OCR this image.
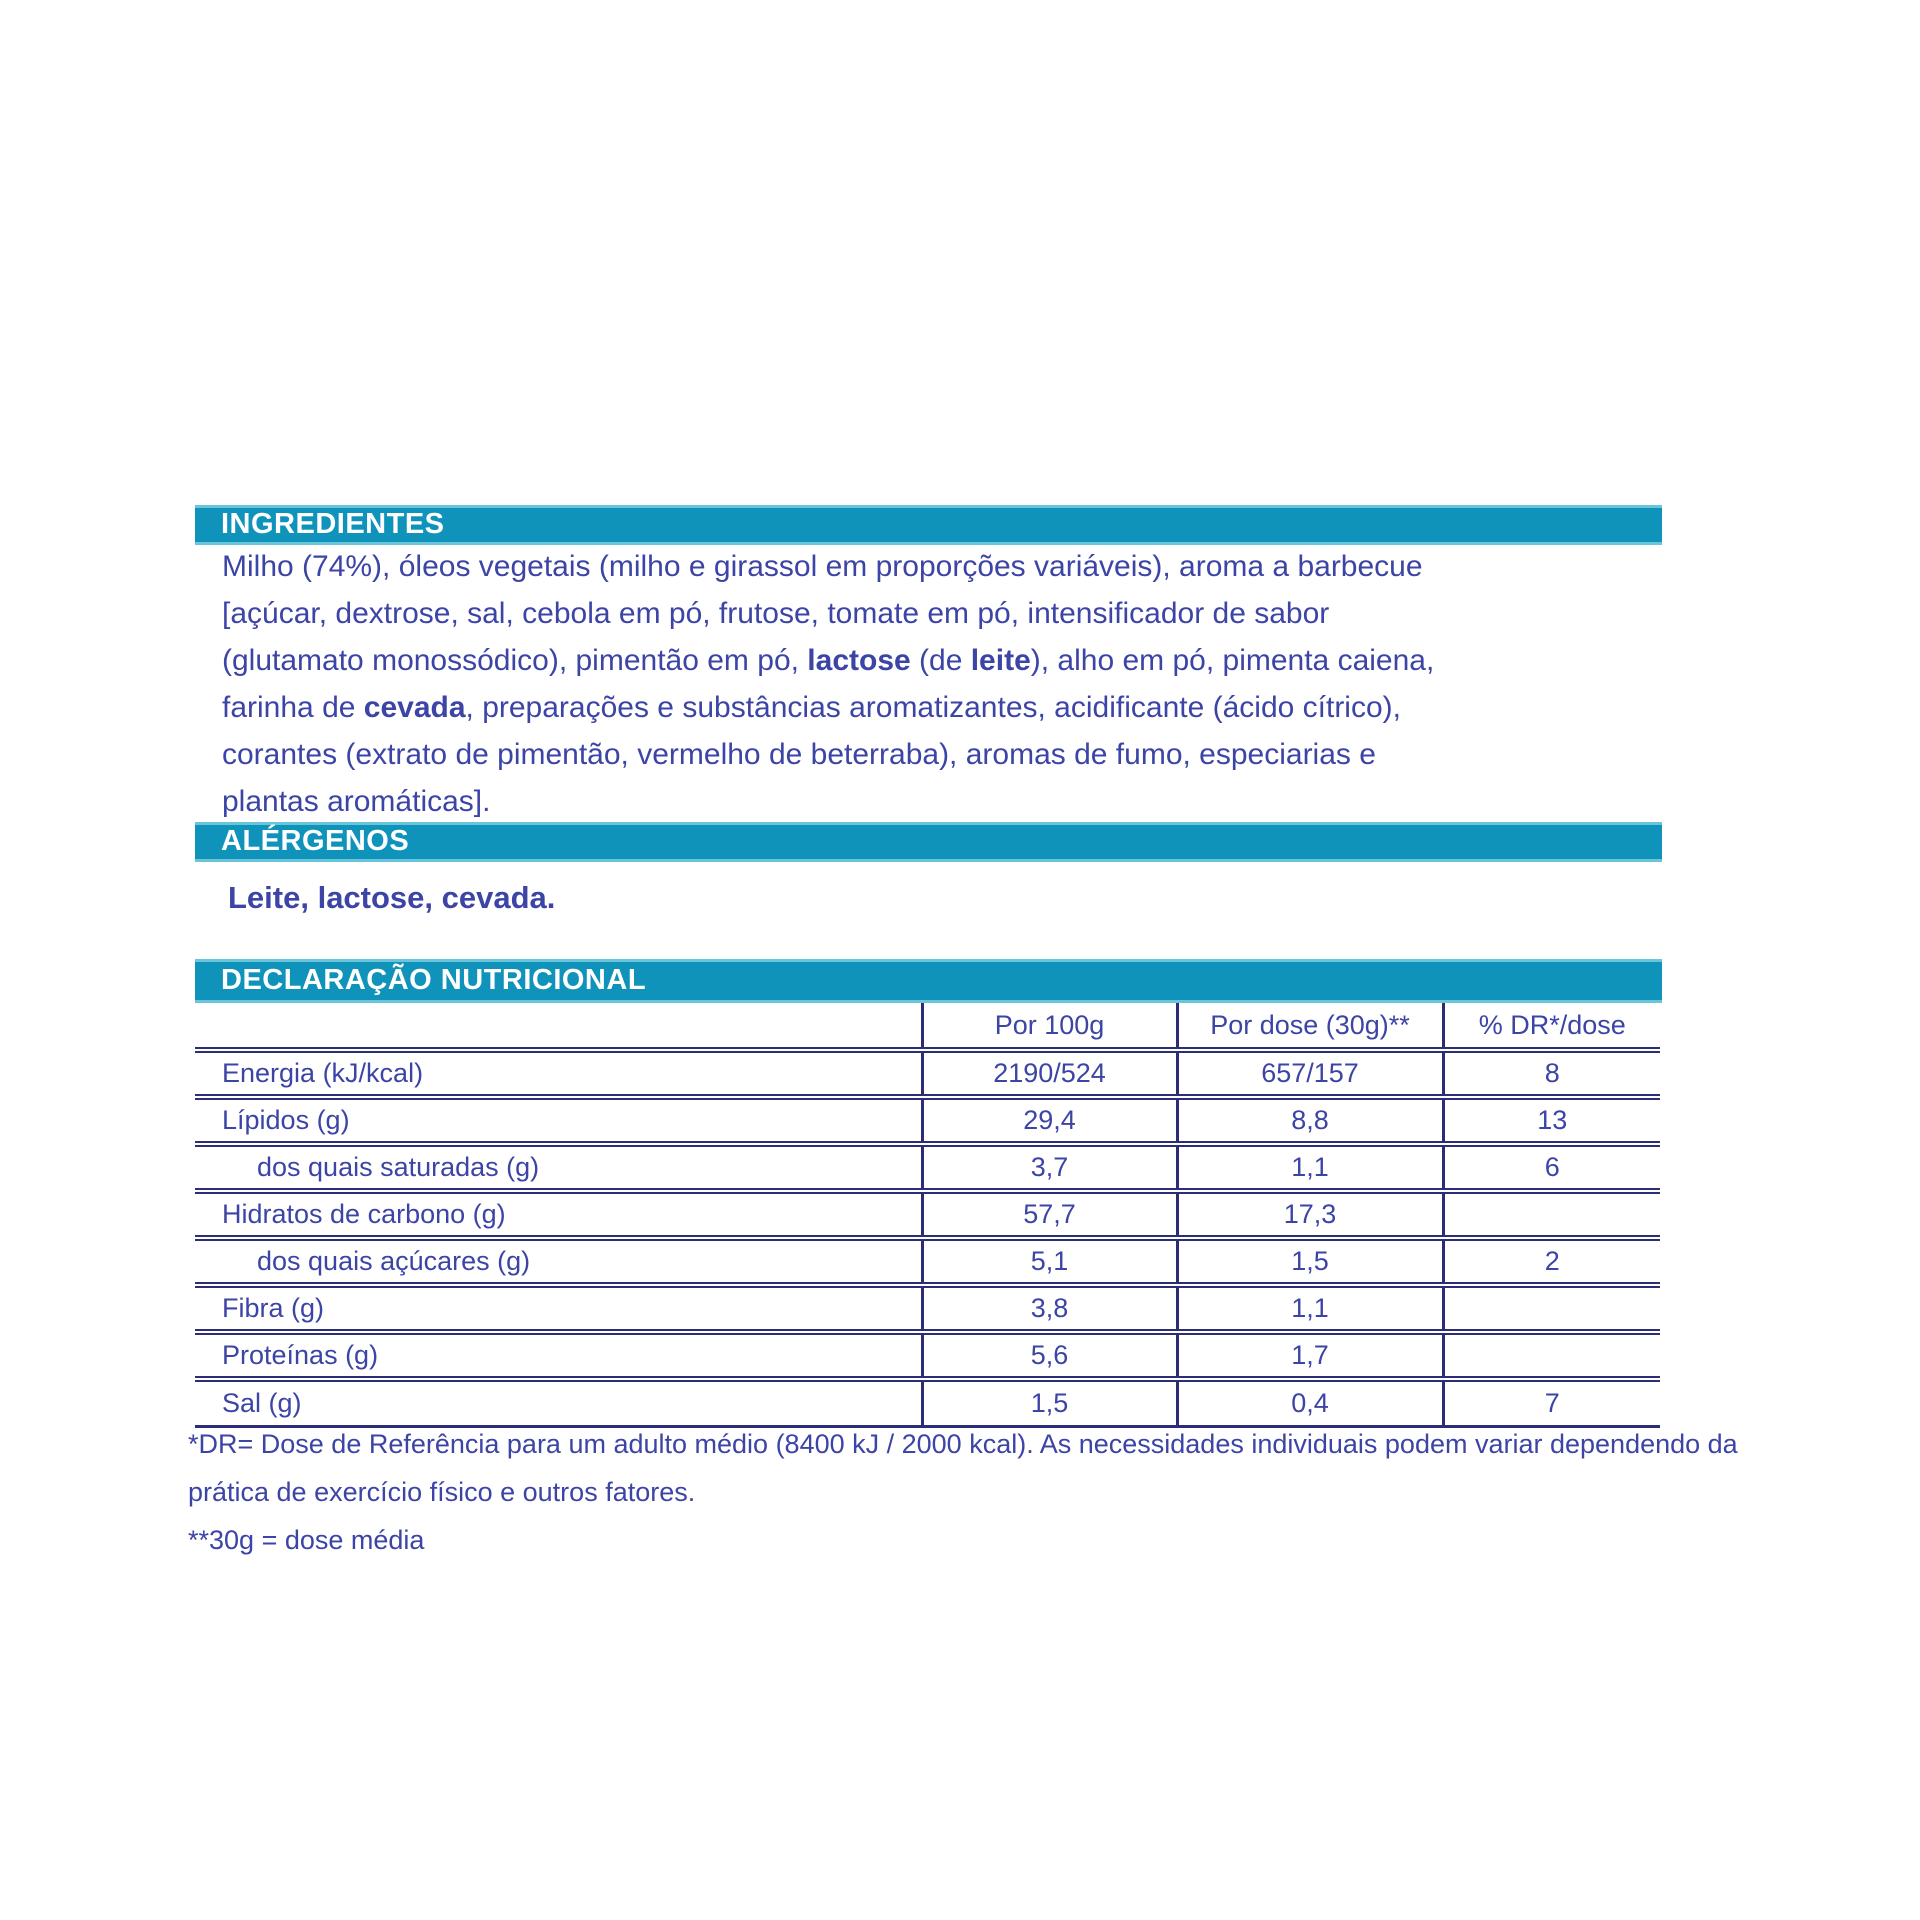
INGREDIENTES
Milho (74%), óleos vegetais (milho e girassol em proporções variáveis), aroma a barbecue
[açúcar, dextrose, sal, cebola em pó, frutose, tomate em pó, intensificador de sabor
(glutamato monossódico), pimentão em pó, lactose (de leite), alho em pó, pimenta caiena,
farinha de cevada, preparações e substâncias aromatizantes, acidificante (ácido cítrico),
corantes (extrato de pimentão, vermelho de beterraba), aromas de fumo, especiarias e
plantas aromáticas].
ALÉRGENOS
Leite, lactose, cevada.
DECLARAÇÃO NUTRICIONAL
	Por 100g	Por dose (30g)**	% DR*/dose
Energia (kJ/kcal)	2190/524	657/157	8
Lípidos (g)	29,4	8,8	13
dos quais saturadas (g)	3,7	1,1	6
Hidratos de carbono (g)	57,7	17,3	
dos quais açúcares (g)	5,1	1,5	2
Fibra (g)	3,8	1,1	
Proteínas (g)	5,6	1,7	
Sal (g)	1,5	0,4	7
*DR= Dose de Referência para um adulto médio (8400 kJ / 2000 kcal). As necessidades individuais podem variar dependendo da
prática de exercício físico e outros fatores.
**30g = dose média
